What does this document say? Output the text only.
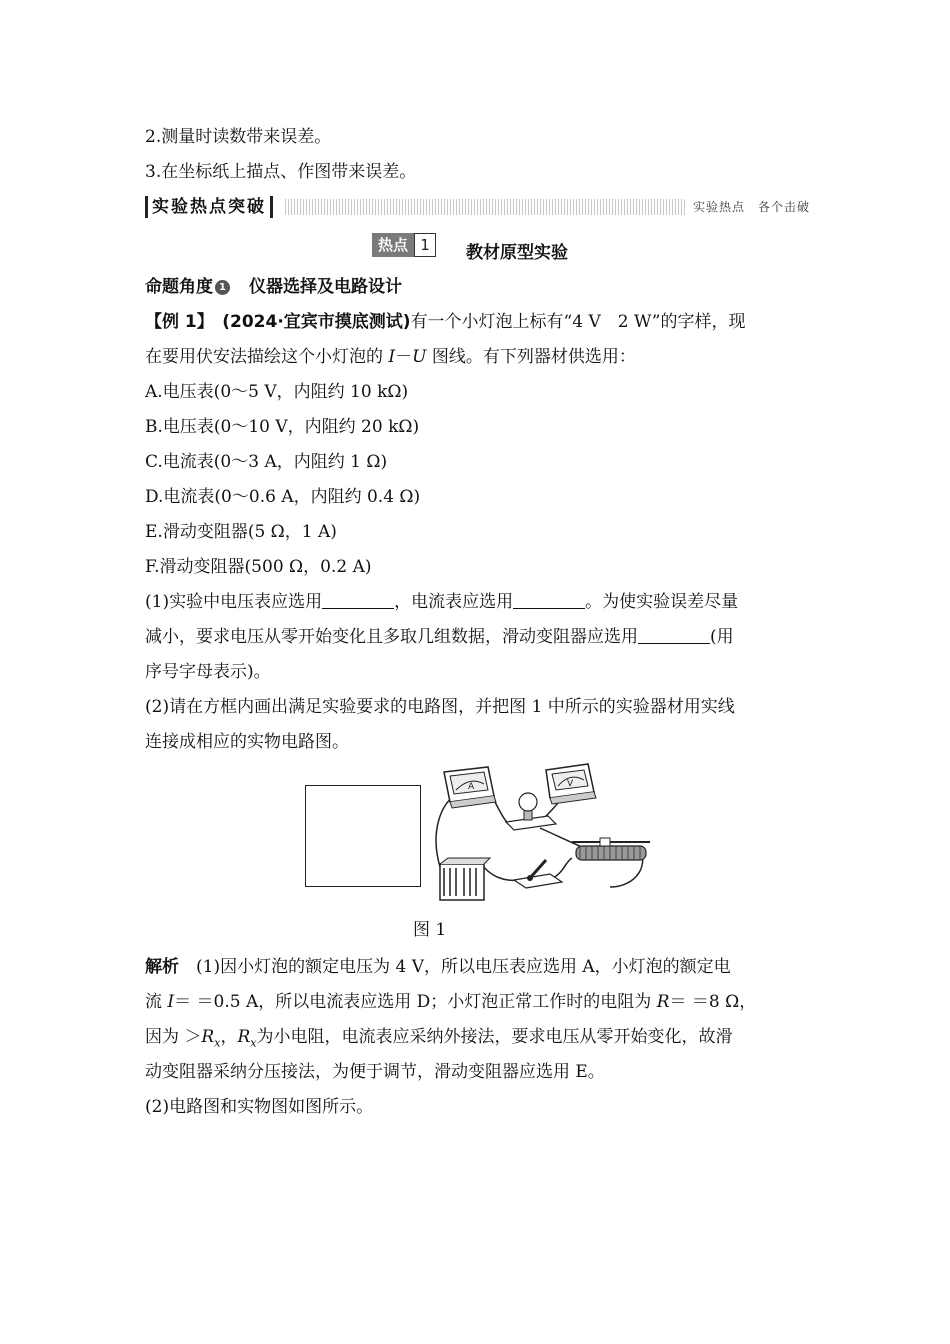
2.测量时读数带来误差。
3.在坐标纸上描点、作图带来误差。
实验热点突破	实验热点　各个击破
热点 1	教材原型实验
命题角度 1　 仪器选择及电路设计
【例 1】　 (2024·宜宾市摸底测试)有一个小灯泡上标有“4 V　2 W”的字样，现
在要用伏安法描绘这个小灯泡的 I－U 图线。有下列器材供选用：
A.电压表(0～5 V，内阻约 10 kΩ)
B.电压表(0～10 V，内阻约 20 kΩ)
C.电流表(0～3 A，内阻约 1 Ω)
D.电流表(0～0.6 A，内阻约 0.4 Ω)
E.滑动变阻器(5 Ω，1 A)
F.滑动变阻器(500 Ω，0.2 A)
(1)实验中电压表应选用	，电流表应选用	。为使实验误差尽量
减小，要求电压从零开始变化且多取几组数据，滑动变阻器应选用	(用
序号字母表示)。
(2)请在方框内画出满足实验要求的电路图，并把图 1 中所示的实验器材用实线
连接成相应的实物电路图。
A	V
图 1
解析　 (1)因小灯泡的额定电压为 4 V，所以电压表应选用 A，小灯泡的额定电
流 I＝ ＝0.5 A，所以电流表应选用 D；小灯泡正常工作时的电阻为 R＝ ＝8 Ω，
因为 $>R_x$，$R_x$为小电阻，电流表应采纳外接法，要求电压从零开始变化，故滑
动变阻器采纳分压接法，为便于调节，滑动变阻器应选用 E。
(2)电路图和实物图如图所示。
